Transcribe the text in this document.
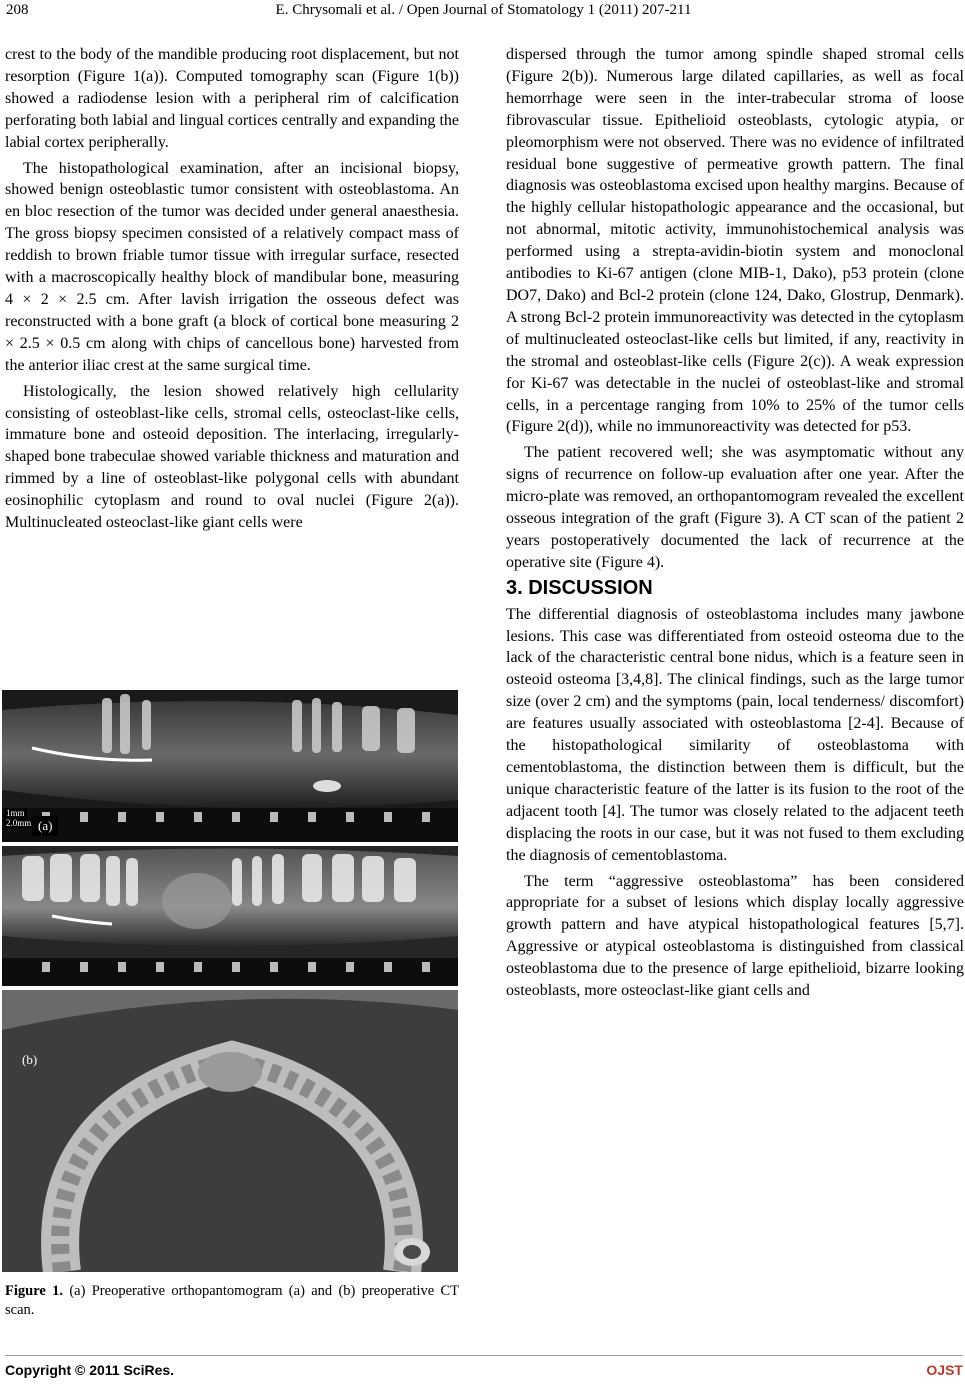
208	E. Chrysomali et al. / Open Journal of Stomatology 1 (2011) 207-211

crest to the body of the mandible producing root displacement, but not resorption (Figure 1(a)). Computed tomography scan (Figure 1(b)) showed a radiodense lesion with a peripheral rim of calcification perforating both labial and lingual cortices centrally and expanding the labial cortex peripherally.

The histopathological examination, after an incisional biopsy, showed benign osteoblastic tumor consistent with osteoblastoma. An en bloc resection of the tumor was decided under general anaesthesia. The gross biopsy specimen consisted of a relatively compact mass of reddish to brown friable tumor tissue with irregular surface, resected with a macroscopically healthy block of mandibular bone, measuring 4 × 2 × 2.5 cm. After lavish irrigation the osseous defect was reconstructed with a bone graft (a block of cortical bone measuring 2 × 2.5 × 0.5 cm along with chips of cancellous bone) harvested from the anterior iliac crest at the same surgical time.

Histologically, the lesion showed relatively high cellularity consisting of osteoblast-like cells, stromal cells, osteoclast-like cells, immature bone and osteoid deposition. The interlacing, irregularly-shaped bone trabeculae showed variable thickness and maturation and rimmed by a line of osteoblast-like polygonal cells with abundant eosinophilic cytoplasm and round to oval nuclei (Figure 2(a)). Multinucleated osteoclast-like giant cells were

1mm
2.0mm (a)
(b)
Figure 1. (a) Preoperative orthopantomogram (a) and (b) preoperative CT scan.

dispersed through the tumor among spindle shaped stromal cells (Figure 2(b)). Numerous large dilated capillaries, as well as focal hemorrhage were seen in the inter-trabecular stroma of loose fibrovascular tissue. Epithelioid osteoblasts, cytologic atypia, or pleomorphism were not observed. There was no evidence of infiltrated residual bone suggestive of permeative growth pattern. The final diagnosis was osteoblastoma excised upon healthy margins. Because of the highly cellular histopathologic appearance and the occasional, but not abnormal, mitotic activity, immunohistochemical analysis was performed using a strepta-avidin-biotin system and monoclonal antibodies to Ki-67 antigen (clone MIB-1, Dako), p53 protein (clone DO7, Dako) and Bcl-2 protein (clone 124, Dako, Glostrup, Denmark). A strong Bcl-2 protein immunoreactivity was detected in the cytoplasm of multinucleated osteoclast-like cells but limited, if any, reactivity in the stromal and osteoblast-like cells (Figure 2(c)). A weak expression for Ki-67 was detectable in the nuclei of osteoblast-like and stromal cells, in a percentage ranging from 10% to 25% of the tumor cells (Figure 2(d)), while no immunoreactivity was detected for p53.

The patient recovered well; she was asymptomatic without any signs of recurrence on follow-up evaluation after one year. After the micro-plate was removed, an orthopantomogram revealed the excellent osseous integration of the graft (Figure 3). A CT scan of the patient 2 years postoperatively documented the lack of recurrence at the operative site (Figure 4).

3. DISCUSSION

The differential diagnosis of osteoblastoma includes many jawbone lesions. This case was differentiated from osteoid osteoma due to the lack of the characteristic central bone nidus, which is a feature seen in osteoid osteoma [3,4,8]. The clinical findings, such as the large tumor size (over 2 cm) and the symptoms (pain, local tenderness/ discomfort) are features usually associated with osteoblastoma [2-4]. Because of the histopathological similarity of osteoblastoma with cementoblastoma, the distinction between them is difficult, but the unique characteristic feature of the latter is its fusion to the root of the adjacent tooth [4]. The tumor was closely related to the adjacent teeth displacing the roots in our case, but it was not fused to them excluding the diagnosis of cementoblastoma.

The term “aggressive osteoblastoma” has been considered appropriate for a subset of lesions which display locally aggressive growth pattern and have atypical histopathological features [5,7]. Aggressive or atypical osteoblastoma is distinguished from classical osteoblastoma due to the presence of large epithelioid, bizarre looking osteoblasts, more osteoclast-like giant cells and

Copyright © 2011 SciRes.	OJST
